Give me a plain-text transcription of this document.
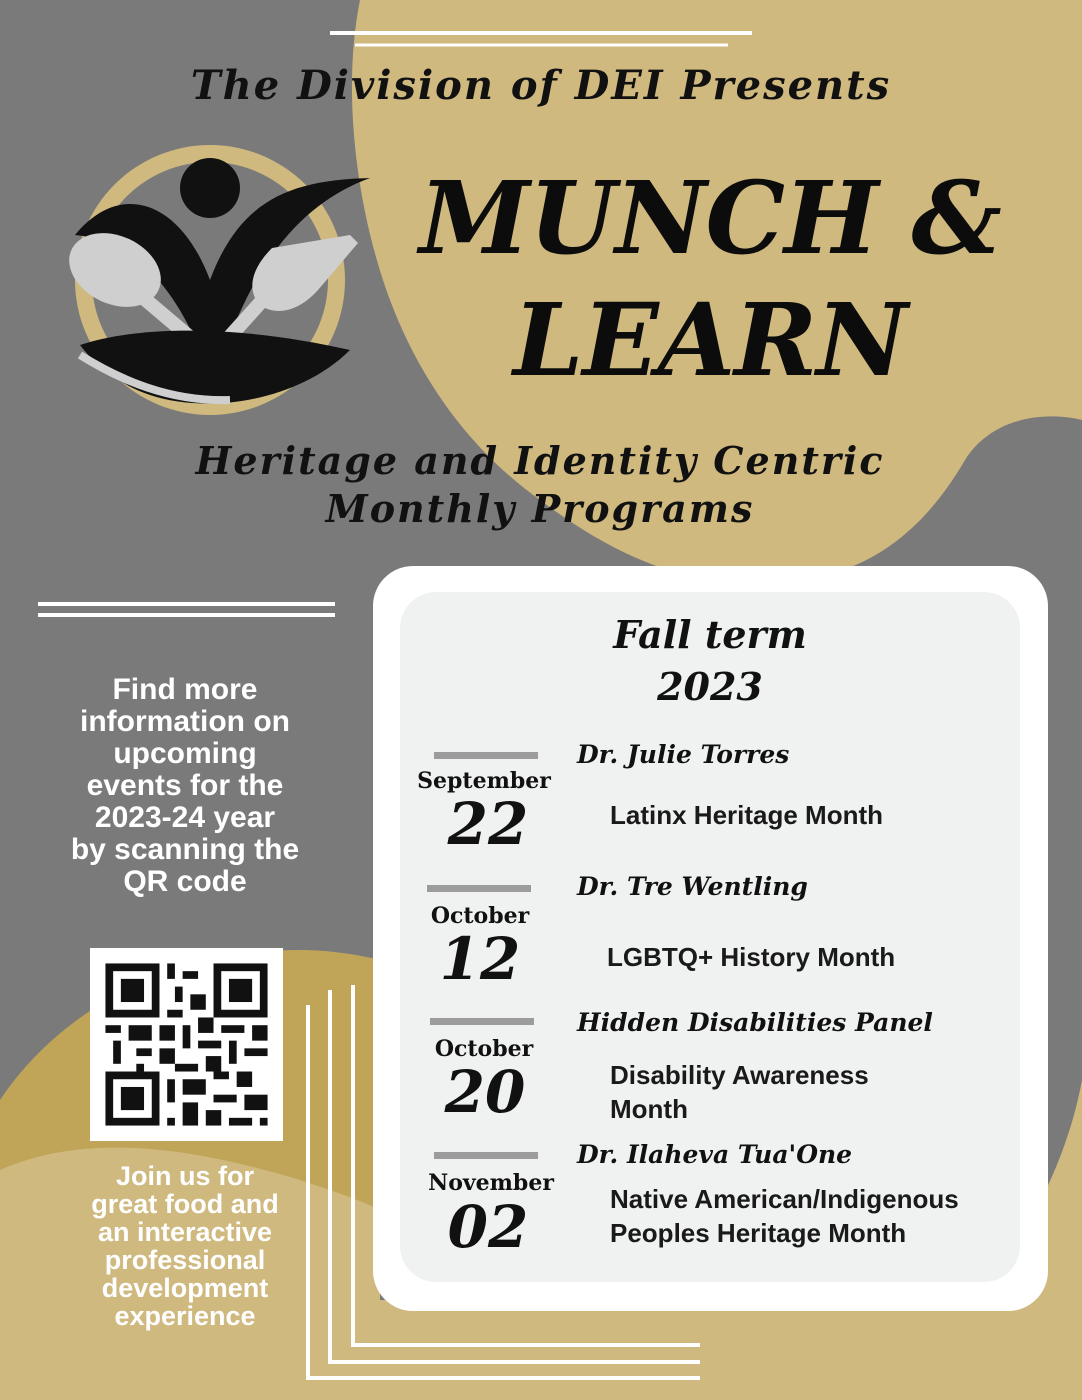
The Division of DEI Presents
MUNCH &
LEARN
Heritage and Identity Centric
Monthly Programs
Find more
information on
upcoming
events for the
2023-24 year
by scanning the
QR code
Join us for
great food and
an interactive
professional
development
experience
Fall term
2023
September
22
Dr. Julie Torres
Latinx Heritage Month
October
12
Dr. Tre Wentling
LGBTQ+ History Month
October
20
Hidden Disabilities Panel
Disability Awareness
Month
November
02
Dr. Ilaheva Tua'One
Native American/Indigenous
Peoples Heritage Month
